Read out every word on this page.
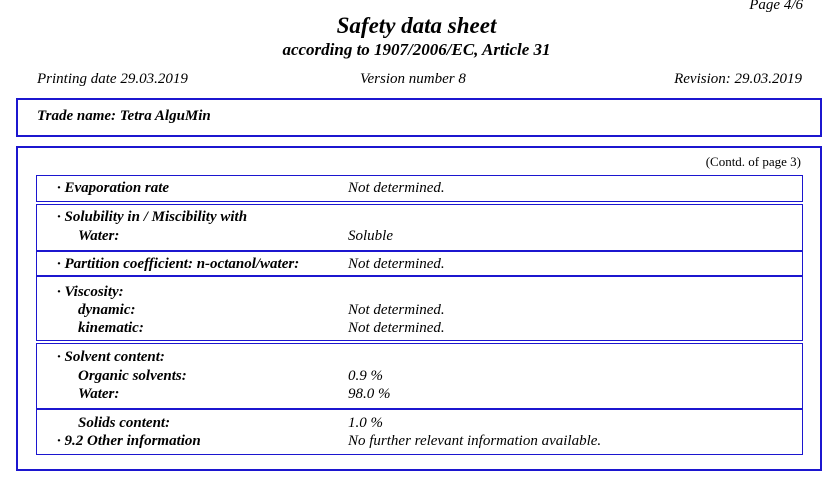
Page 4/6
Safety data sheet
according to 1907/2006/EC, Article 31
Printing date 29.03.2019	Version number 8	Revision: 29.03.2019
Trade name: Tetra AlguMin
(Contd. of page 3)
· Evaporation rate	Not determined.
· Solubility in / Miscibility with
Water:	Soluble
· Partition coefficient: n-octanol/water:	Not determined.
· Viscosity:
dynamic:	Not determined.
kinematic:	Not determined.
· Solvent content:
Organic solvents:	0.9 %
Water:	98.0 %
Solids content:	1.0 %
· 9.2 Other information	No further relevant information available.
